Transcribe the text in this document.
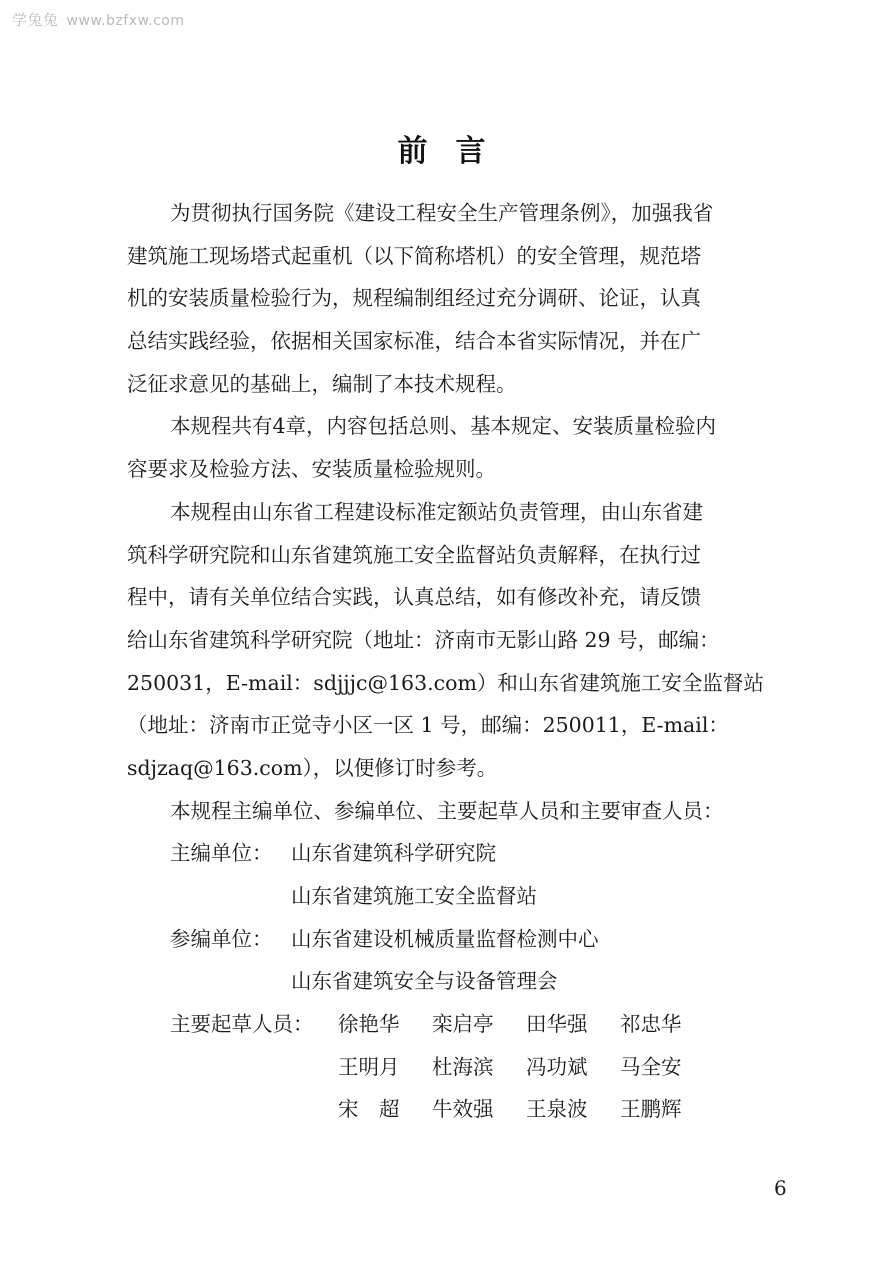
学兔兔 www.bzfxw.com
前言
为贯彻执行国务院《建设工程安全生产管理条例》，加强我省
建筑施工现场塔式起重机（以下简称塔机）的安全管理，规范塔
机的安装质量检验行为，规程编制组经过充分调研、论证，认真
总结实践经验，依据相关国家标准，结合本省实际情况，并在广
泛征求意见的基础上，编制了本技术规程。
本规程共有4章，内容包括总则、基本规定、安装质量检验内
容要求及检验方法、安装质量检验规则。
本规程由山东省工程建设标准定额站负责管理，由山东省建
筑科学研究院和山东省建筑施工安全监督站负责解释，在执行过
程中，请有关单位结合实践，认真总结，如有修改补充，请反馈
给山东省建筑科学研究院（地址：济南市无影山路 29 号，邮编：
250031，E-mail：sdjjjc@163.com）和山东省建筑施工安全监督站
（地址：济南市正觉寺小区一区 1 号，邮编：250011，E-mail：
sdjzaq@163.com），以便修订时参考。
本规程主编单位、参编单位、主要起草人员和主要审查人员：
主编单位： 山东省建筑科学研究院
山东省建筑施工安全监督站
参编单位： 山东省建设机械质量监督检测中心
山东省建筑安全与设备管理会
主要起草人员：	徐艳华	栾启亭	田华强	祁忠华
王明月	杜海滨	冯功斌	马全安
宋　超	牛效强	王泉波	王鹏辉
6
